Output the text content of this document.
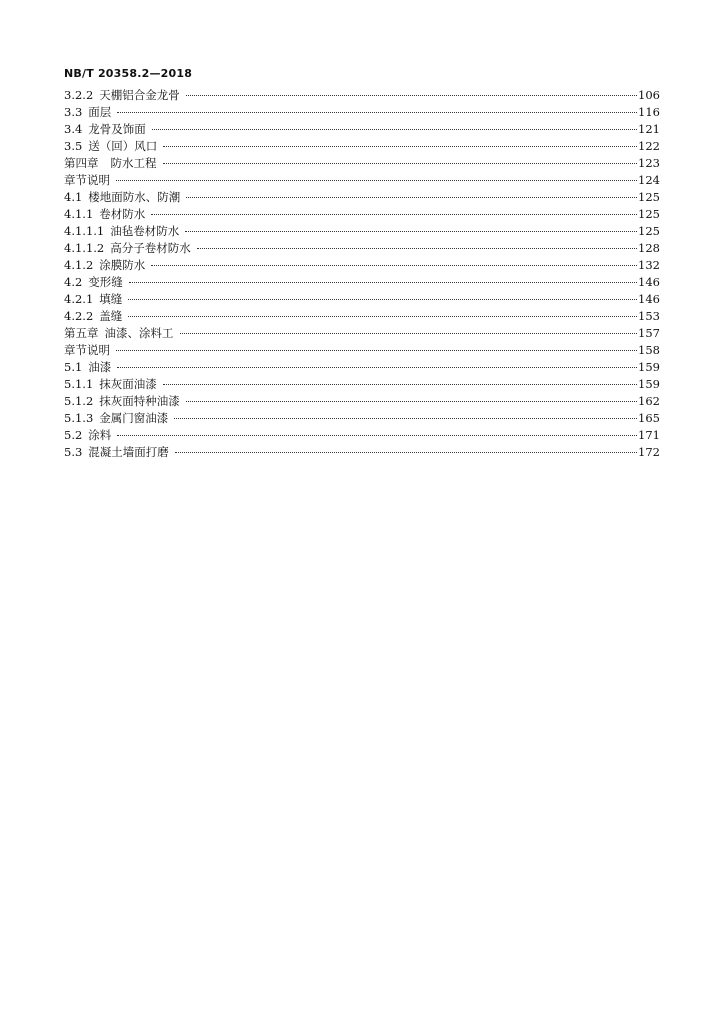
NB/T 20358.2—2018
3.2.2 天棚铝合金龙骨	106
3.3 面层	116
3.4 龙骨及饰面	121
3.5 送（回）风口	122
第四章 防水工程	123
章节说明	124
4.1 楼地面防水、防潮	125
4.1.1 卷材防水	125
4.1.1.1 油毡卷材防水	125
4.1.1.2 高分子卷材防水	128
4.1.2 涂膜防水	132
4.2 变形缝	146
4.2.1 填缝	146
4.2.2 盖缝	153
第五章 油漆、涂料工	157
章节说明	158
5.1 油漆	159
5.1.1 抹灰面油漆	159
5.1.2 抹灰面特种油漆	162
5.1.3 金属门窗油漆	165
5.2 涂料	171
5.3 混凝土墙面打磨	172
